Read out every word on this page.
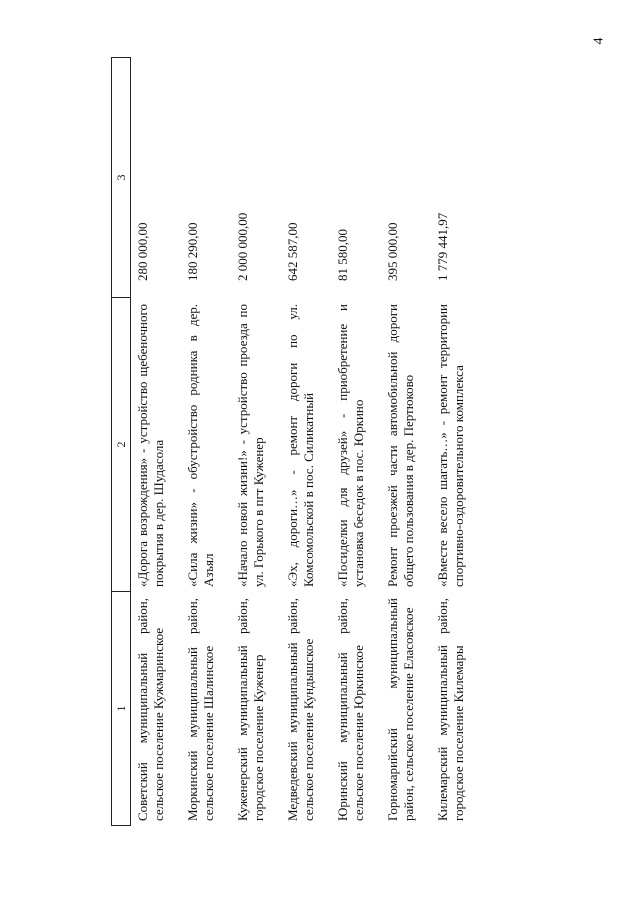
4
1	2	3
Советский муниципальный район, сельское поселение Кужмаринское	«Дорога возрождения» - устройство щебеночного покрытия в дер. Шудасола	280 000,00
Моркинский муниципальный район, сельское поселение Шалинское	«Сила жизни» - обустройство родника в дер. Азъял	180 290,00
Куженерский муниципальный район, городское поселение Куженер	«Начало новой жизни!» - устройство проезда по ул. Горького в пгт Куженер	2 000 000,00
Медведевский муниципальный район, сельское поселение Кундышское	«Эх, дороги…» - ремонт дороги по ул. Комсомольской в пос. Силикатный	642 587,00
Юринский муниципальный район, сельское поселение Юркинское	«Посиделки для друзей» - приобретение и установка беседок в пос. Юркино	81 580,00
Горномарийский муниципальный район, сельское поселение Еласовское	Ремонт проезжей части автомобильной дороги общего пользования в дер. Пертюково	395 000,00
Килемарский муниципальный район, городское поселение Килемары	«Вместе весело шагать…» - ремонт территории спортивно-оздоровительного комплекса	1 779 441,97
